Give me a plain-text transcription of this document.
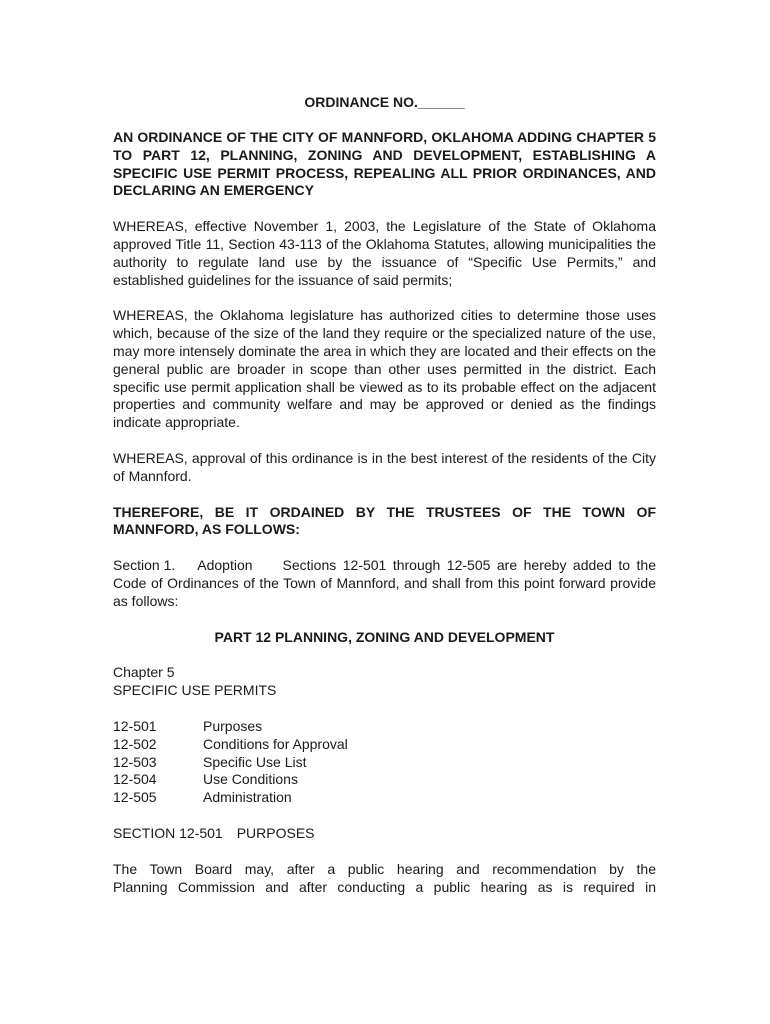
ORDINANCE NO.______
AN ORDINANCE OF THE CITY OF MANNFORD, OKLAHOMA ADDING CHAPTER 5 TO PART 12, PLANNING, ZONING AND DEVELOPMENT, ESTABLISHING A SPECIFIC USE PERMIT PROCESS, REPEALING ALL PRIOR ORDINANCES, AND DECLARING AN EMERGENCY

WHEREAS, effective November 1, 2003, the Legislature of the State of Oklahoma approved Title 11, Section 43-113 of the Oklahoma Statutes, allowing municipalities the authority to regulate land use by the issuance of “Specific Use Permits,” and established guidelines for the issuance of said permits;

WHEREAS, the Oklahoma legislature has authorized cities to determine those uses which, because of the size of the land they require or the specialized nature of the use, may more intensely dominate the area in which they are located and their effects on the general public are broader in scope than other uses permitted in the district. Each specific use permit application shall be viewed as to its probable effect on the adjacent properties and community welfare and may be approved or denied as the findings indicate appropriate.

WHEREAS, approval of this ordinance is in the best interest of the residents of the City of Mannford.

THEREFORE, BE IT ORDAINED BY THE TRUSTEES OF THE TOWN OF MANNFORD, AS FOLLOWS:

Section 1. Adoption Sections 12-501 through 12-505 are hereby added to the Code of Ordinances of the Town of Mannford, and shall from this point forward provide as follows:

PART 12 PLANNING, ZONING AND DEVELOPMENT
Chapter 5
SPECIFIC USE PERMITS
12-501	Purposes
12-502	Conditions for Approval
12-503	Specific Use List
12-504	Use Conditions
12-505	Administration
SECTION 12-501 PURPOSES
The Town Board may, after a public hearing and recommendation by the
Planning Commission and after conducting a public hearing as is required in
